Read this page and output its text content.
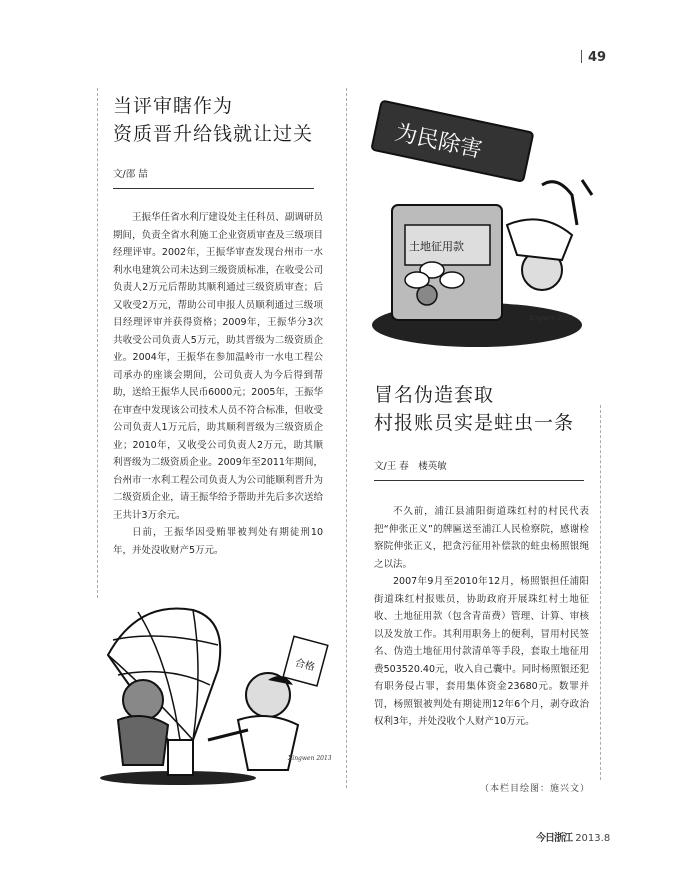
49
当评审瞎作为
资质晋升给钱就让过关
文/邵 喆

王振华任省水利厅建设处主任科员、副调研员期间，负责全省水利施工企业资质审查及三级项目经理评审。2002年，王振华审查发现台州市一水利水电建筑公司未达到三级资质标准，在收受公司负责人2万元后帮助其顺利通过三级资质审查；后又收受2万元，帮助公司申报人员顺利通过三级项目经理评审并获得资格；2009年，王振华分3次共收受公司负责人5万元，助其晋级为二级资质企业。2004年，王振华在参加温岭市一水电工程公司承办的座谈会期间，公司负责人为今后得到帮助，送给王振华人民币6000元；2005年，王振华在审查中发现该公司技术人员不符合标准，但收受公司负责人1万元后，助其顺利晋级为三级资质企业；2010年，又收受公司负责人2万元，助其顺利晋级为二级资质企业。2009年至2011年期间，台州市一水利工程公司负责人为公司能顺利晋升为二级资质企业，请王振华给予帮助并先后多次送给王共计3万余元。

日前，王振华因受贿罪被判处有期徒刑10年，并处没收财产5万元。

合格
Xingwen 2013
为民除害
土地征用款
Xingwen 2013
冒名伪造套取
村报账员实是蛀虫一条
文/王 春　楼英敏

不久前，浦江县浦阳街道珠红村的村民代表把“伸张正义”的牌匾送至浦江人民检察院，感谢检察院伸张正义，把贪污征用补偿款的蛀虫杨照银绳之以法。

2007年9月至2010年12月，杨照银担任浦阳街道珠红村报账员，协助政府开展珠红村土地征收、土地征用款（包含青苗费）管理、计算、审核以及发放工作。其利用职务上的便利，冒用村民签名、伪造土地征用付款清单等手段，套取土地征用费503520.40元，收入自己囊中。同时杨照银还犯有职务侵占罪，套用集体资金23680元。数罪并罚，杨照银被判处有期徒刑12年6个月，剥夺政治权利3年，并处没收个人财产10万元。

（本栏目绘图：施兴文）
今日浙江 2013.8
